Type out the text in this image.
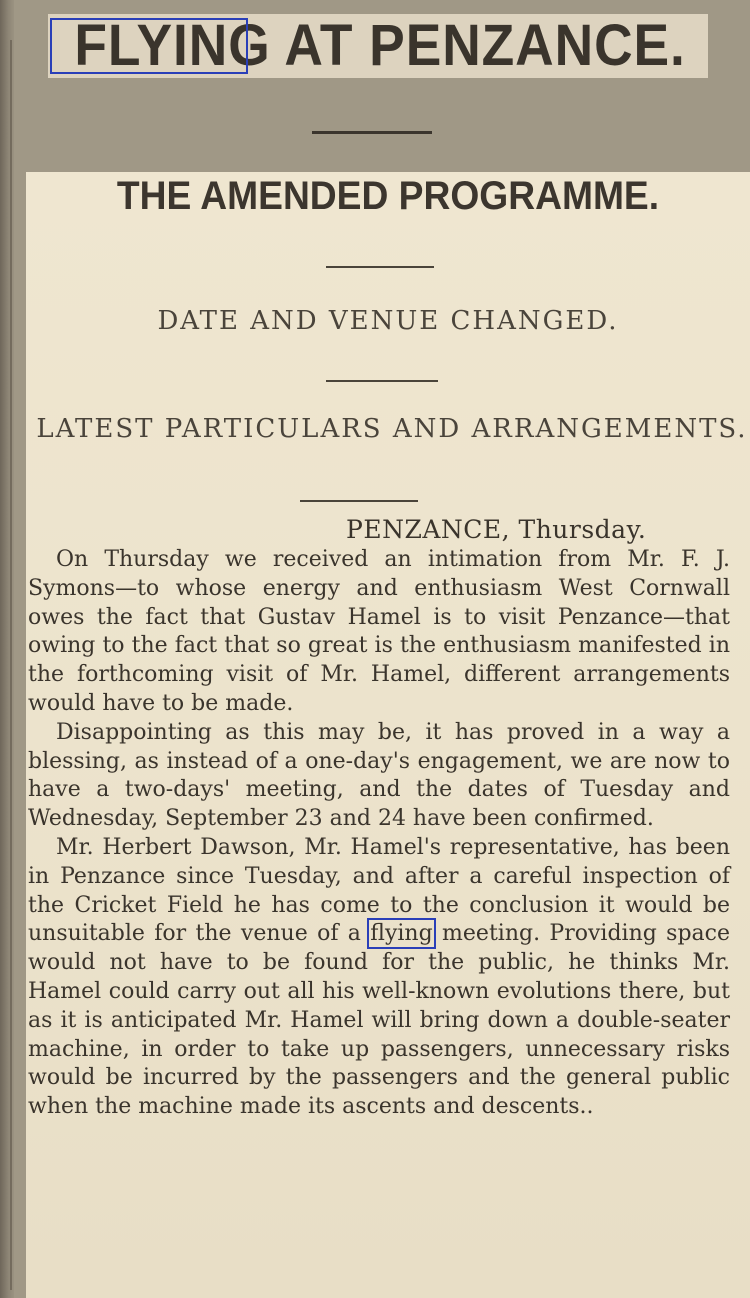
FLYING AT PENZANCE.
THE AMENDED PROGRAMME.
DATE AND VENUE CHANGED.
LATEST PARTICULARS AND ARRANGEMENTS.

PENZANCE, Thursday.

On Thursday we received an intimation from Mr. F. J. Symons—to whose energy and enthusiasm West Cornwall owes the fact that Gustav Hamel is to visit Penzance—that owing to the fact that so great is the enthusiasm manifested in the forthcoming visit of Mr. Hamel, different arrangements would have to be made.

Disappointing as this may be, it has proved in a way a blessing, as instead of a one-day's engagement, we are now to have a two-days' meeting, and the dates of Tuesday and Wednesday, September 23 and 24 have been confirmed.

Mr. Herbert Dawson, Mr. Hamel's representative, has been in Penzance since Tuesday, and after a careful inspection of the Cricket Field he has come to the conclusion it would be unsuitable for the venue of a flying meeting. Providing space would not have to be found for the public, he thinks Mr. Hamel could carry out all his well-known evolutions there, but as it is anticipated Mr. Hamel will bring down a double-seater machine, in order to take up passengers, unnecessary risks would be incurred by the passengers and the general public when the machine made its ascents and descents..
